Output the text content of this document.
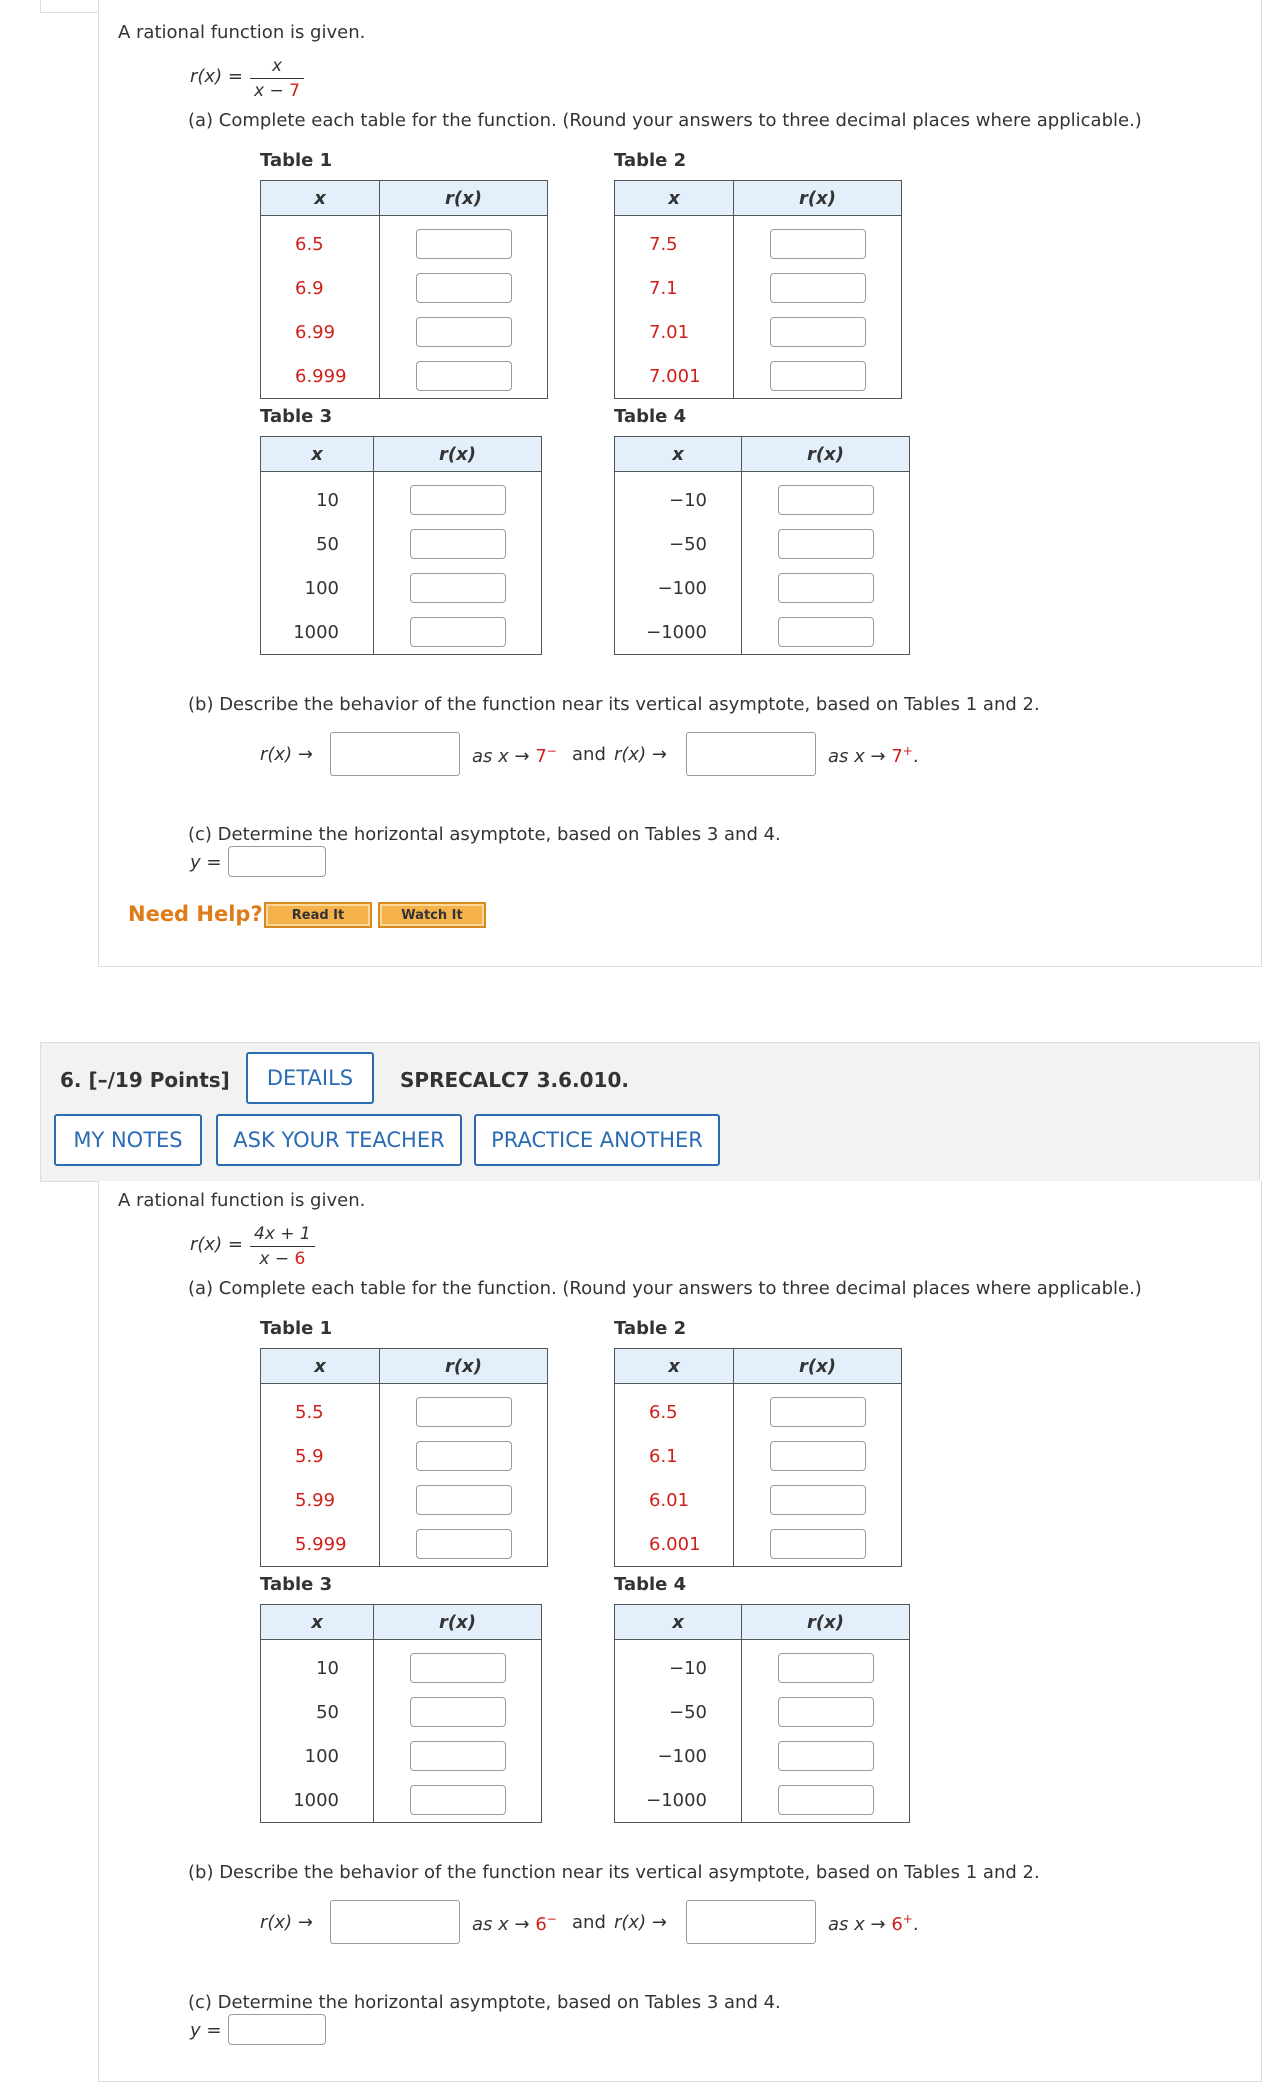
A rational function is given.
r(x) =	x
x − 7
(a) Complete each table for the function. (Round your answers to three decimal places where applicable.)
Table 1
x	r(x)
6.5	

6.9	

6.99	

6.999	
Table 2
x	r(x)
7.5	

7.1	

7.01	

7.001	
Table 3
x	r(x)
10	

50	

100	

1000	
Table 4
x	r(x)
−10	

−50	

−100	

−1000	
(b) Describe the behavior of the function near its vertical asymptote, based on Tables 1 and 2.
r(x) →	as x → 7− and r(x) →	as x → 7+.
(c) Determine the horizontal asymptote, based on Tables 3 and 4.
y =
Need Help?	Read It	Watch It
6. [–/19 Points]	DETAILS	SPRECALC7 3.6.010.
MY NOTES	ASK YOUR TEACHER	PRACTICE ANOTHER
A rational function is given.
r(x) = 4x + 1
x − 6
(a) Complete each table for the function. (Round your answers to three decimal places where applicable.)
Table 1
x	r(x)
5.5	

5.9	

5.99	

5.999	
Table 2
x	r(x)
6.5	

6.1	

6.01	

6.001	
Table 3
x	r(x)
10	

50	

100	

1000	
Table 4
x	r(x)
−10	

−50	

−100	

−1000	
(b) Describe the behavior of the function near its vertical asymptote, based on Tables 1 and 2.
r(x) →	as x → 6− and r(x) →	as x → 6+.
(c) Determine the horizontal asymptote, based on Tables 3 and 4.
y =
